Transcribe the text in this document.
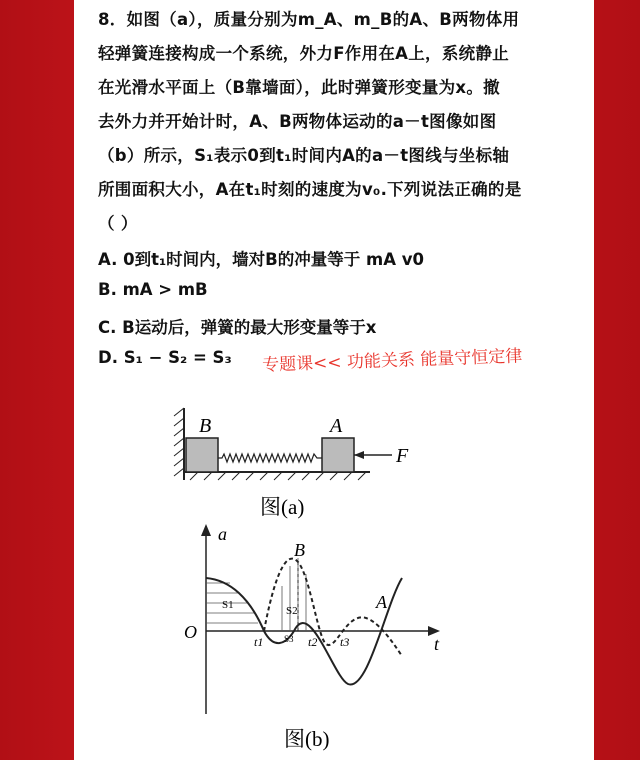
8．如图（a），质量分别为m_A、m_B的A、B两物体用
轻弹簧连接构成一个系统，外力F作用在A上，系统静止
在光滑水平面上（B靠墙面），此时弹簧形变量为x。撤
去外力并开始计时，A、B两物体运动的a－t图像如图
（b）所示，S₁表示0到t₁时间内A的a－t图线与坐标轴
所围面积大小，A在t₁时刻的速度为v₀.下列说法正确的是
（ ）
A. 0到t₁时间内，墙对B的冲量等于 mA v0
B. mA > mB
C. B运动后，弹簧的最大形变量等于x
D. S₁ − S₂ = S₃ 专题课<< 功能关系 能量守恒定律
B	A
F
图(a)
O
a
t
B
A
t1	t2 t3
S1	S2
S3
图(b)
